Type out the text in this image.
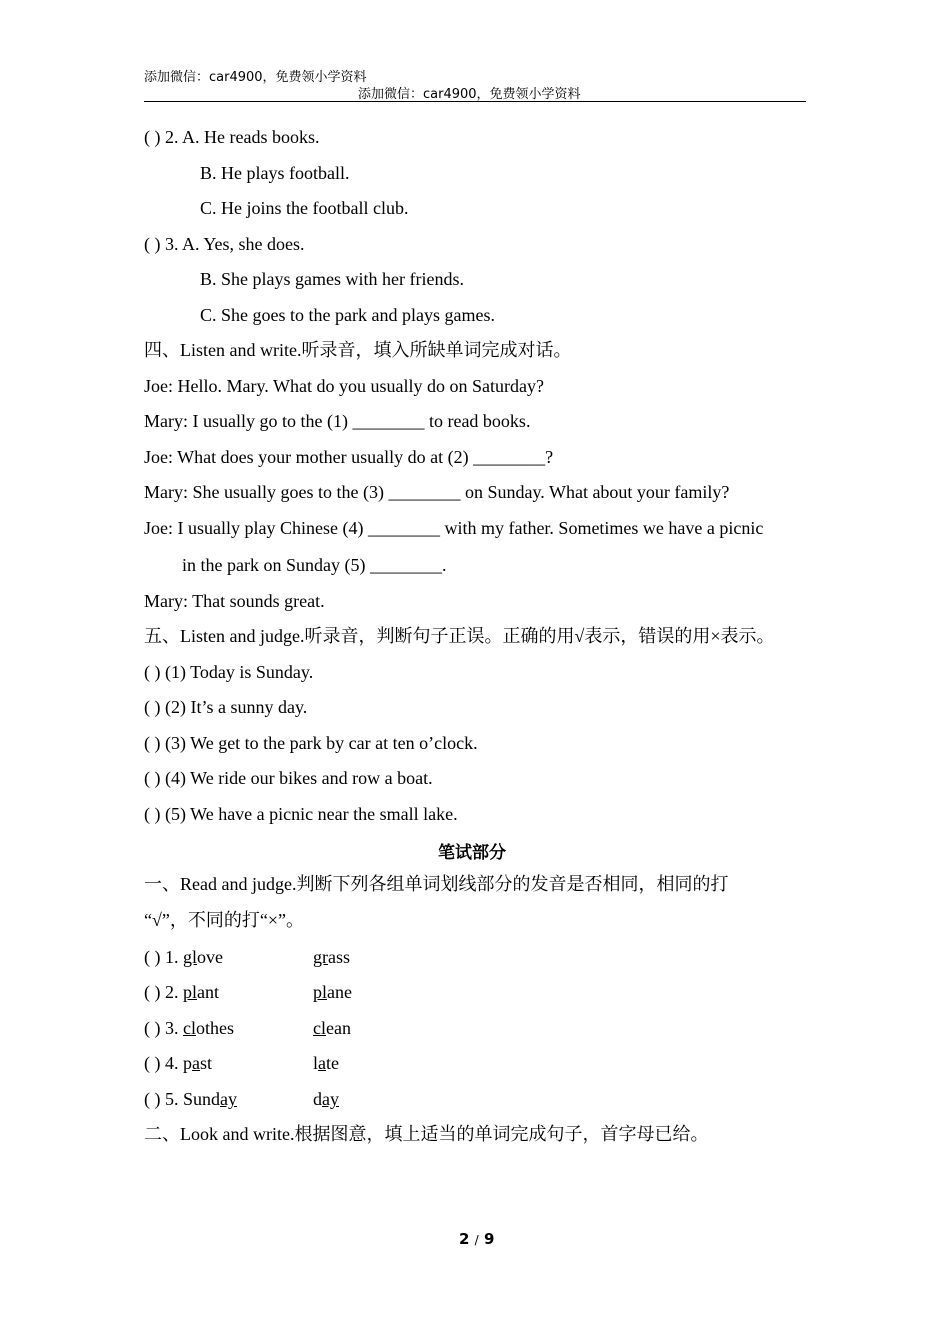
添加微信：car4900，免费领小学资料
添加微信：car4900，免费领小学资料
( ) 2. A. He reads books.
B. He plays football.
C. He joins the football club.
( ) 3. A. Yes, she does.
B. She plays games with her friends.
C. She goes to the park and plays games.
四、Listen and write.听录音，填入所缺单词完成对话。
Joe: Hello. Mary. What do you usually do on Saturday?
Mary: I usually go to the (1) ________ to read books.
Joe: What does your mother usually do at (2) ________?
Mary: She usually goes to the (3) ________ on Sunday. What about your family?
Joe: I usually play Chinese (4) ________ with my father. Sometimes we have a picnic
in the park on Sunday (5) ________.
Mary: That sounds great.
五、Listen and judge.听录音，判断句子正误。正确的用√表示，错误的用×表示。
( ) (1) Today is Sunday.
( ) (2) It’s a sunny day.
( ) (3) We get to the park by car at ten o’clock.
( ) (4) We ride our bikes and row a boat.
( ) (5) We have a picnic near the small lake.
笔试部分
一、Read and judge.判断下列各组单词划线部分的发音是否相同，相同的打
“√”，不同的打“×”。
( ) 1. glove	grass
( ) 2. plant	plane
( ) 3. clothes	clean
( ) 4. past	late
( ) 5. Sunday	day
二、Look and write.根据图意，填上适当的单词完成句子，首字母已给。
2 / 9
